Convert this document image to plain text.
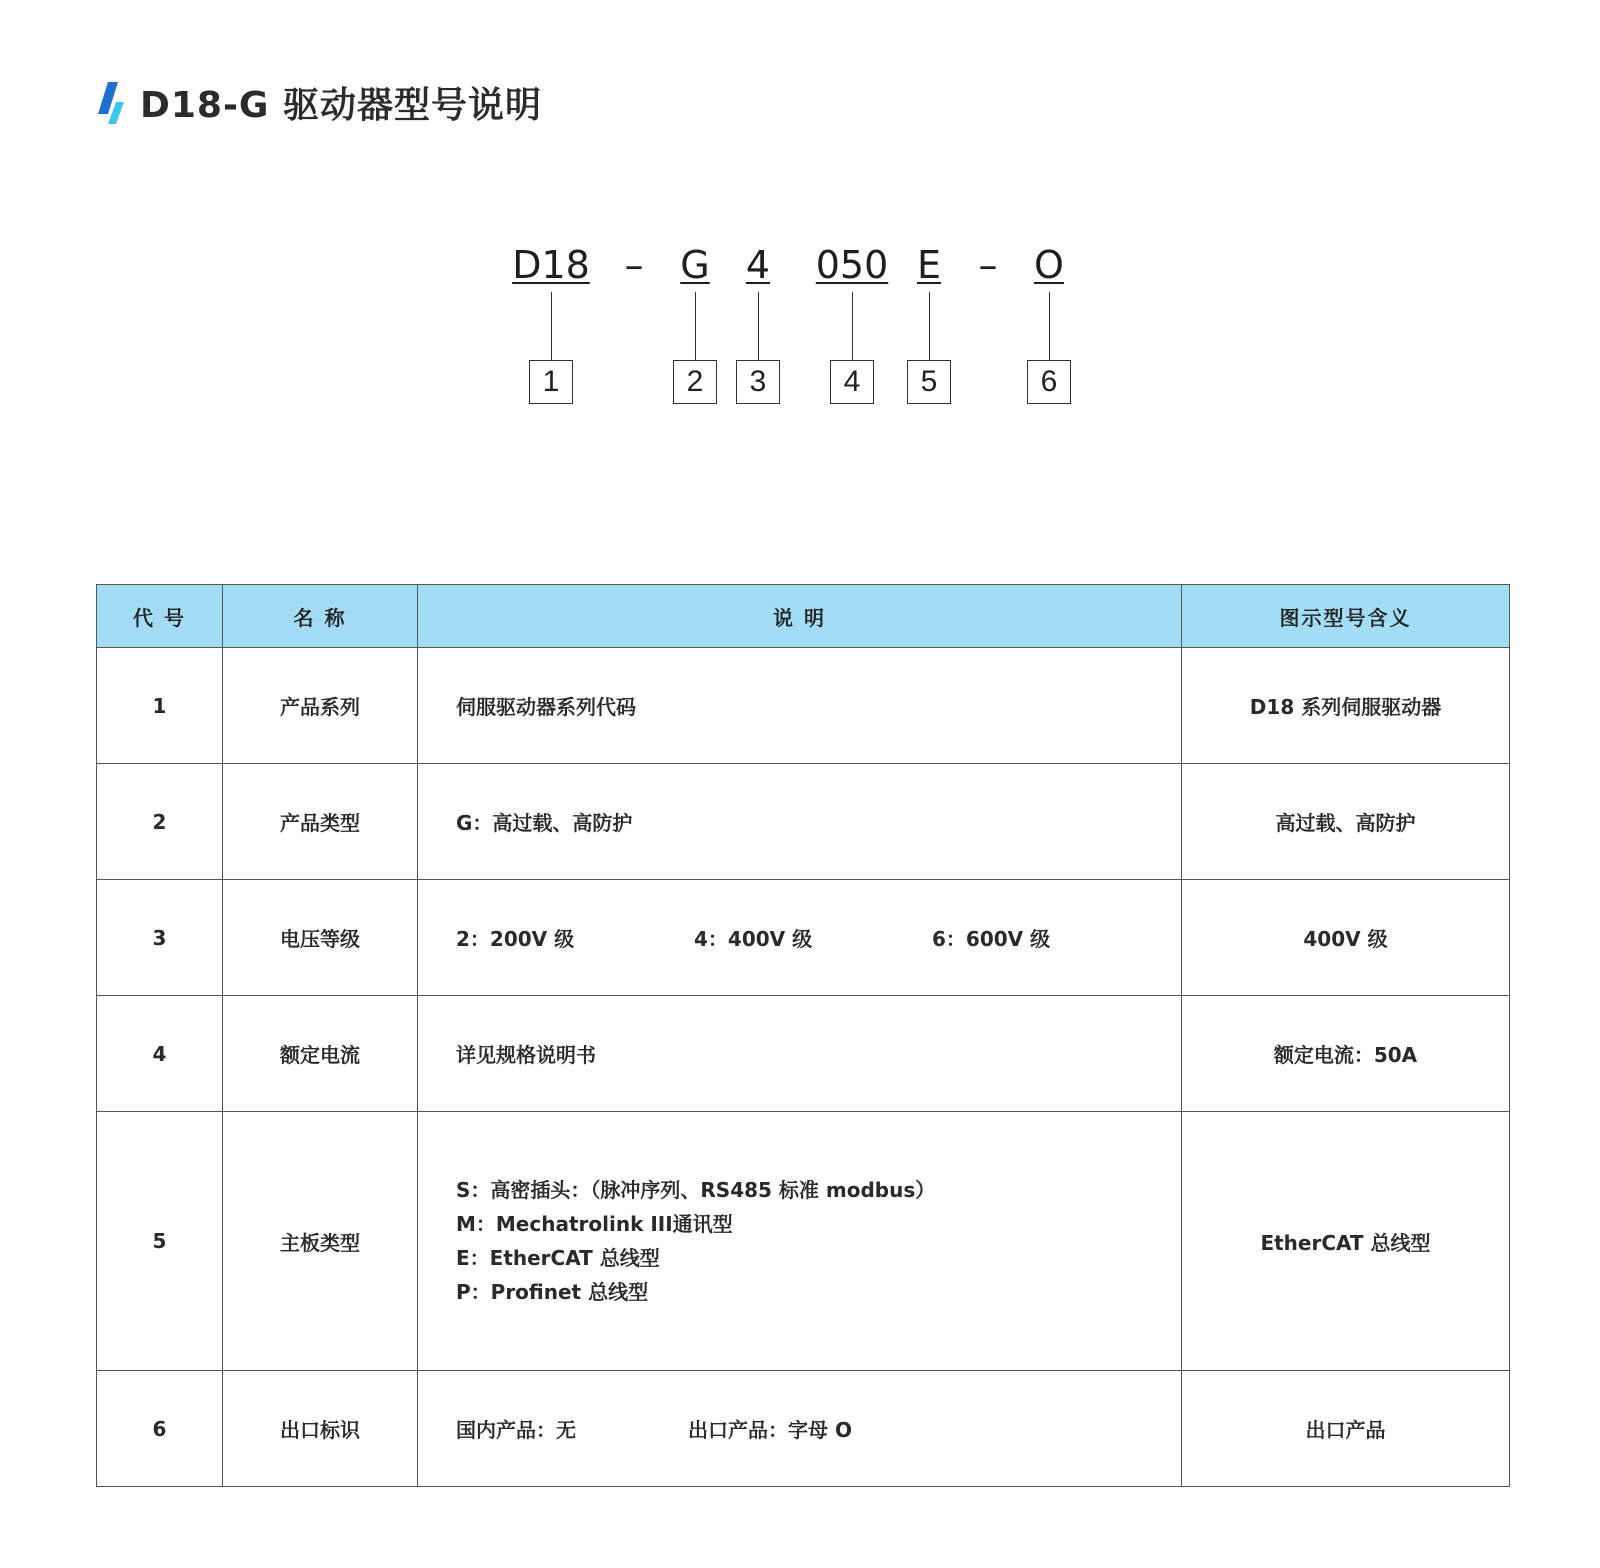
D18-G 驱动器型号说明
D18 – G 4 050 E – O
1	2	3	4	5	6
代 号	名 称	说 明	图示型号含义
1	产品系列	伺服驱动器系列代码	D18 系列伺服驱动器
2	产品类型	G：高过载、高防护	高过载、高防护
3	电压等级	2：200V 级 4：400V 级 6：600V 级	400V 级
4	额定电流	详见规格说明书	额定电流：50A
5	主板类型	S：高密插头：（脉冲序列、RS485 标准 modbus）
M：Mechatrolink III通讯型
E：EtherCAT 总线型
P：Profinet 总线型	EtherCAT 总线型
6	出口标识	国内产品：无 出口产品：字母 O	出口产品
